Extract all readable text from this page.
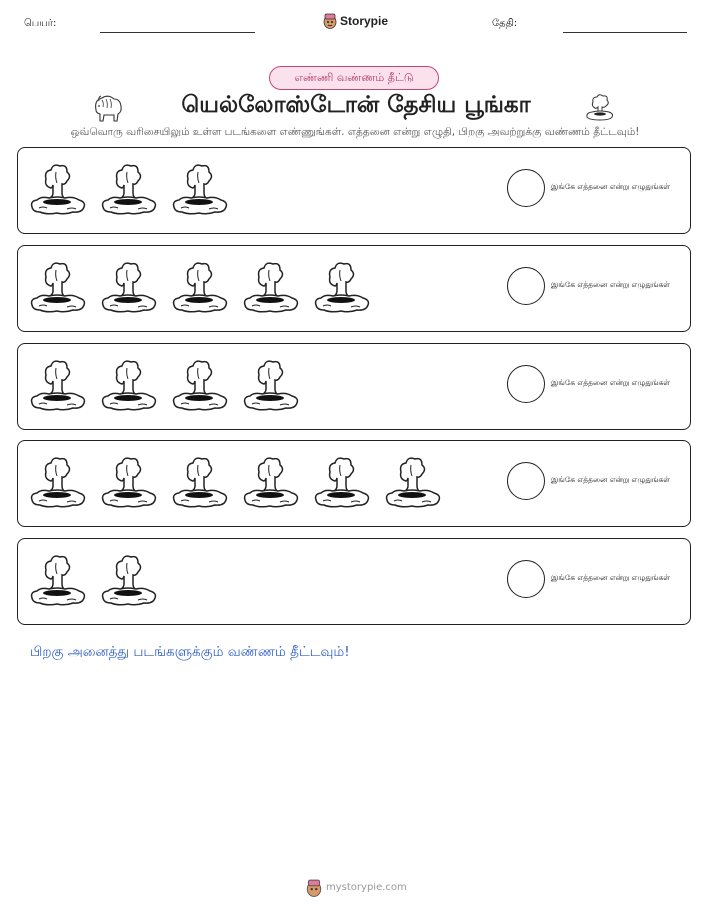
பெயர்:	Storypie	தேதி:
எண்ணி வண்ணம் தீட்டு
யெல்லோஸ்டோன் தேசிய பூங்கா
ஒவ்வொரு வரிசையிலும் உள்ள படங்களை எண்ணுங்கள். எத்தனை என்று எழுதி, பிறகு அவற்றுக்கு வண்ணம் தீட்டவும்!
இங்கே எத்தனை என்று எழுதுங்கள்
இங்கே எத்தனை என்று எழுதுங்கள்
இங்கே எத்தனை என்று எழுதுங்கள்
இங்கே எத்தனை என்று எழுதுங்கள்
இங்கே எத்தனை என்று எழுதுங்கள்
பிறகு அனைத்து படங்களுக்கும் வண்ணம் தீட்டவும்!
mystorypie.com
